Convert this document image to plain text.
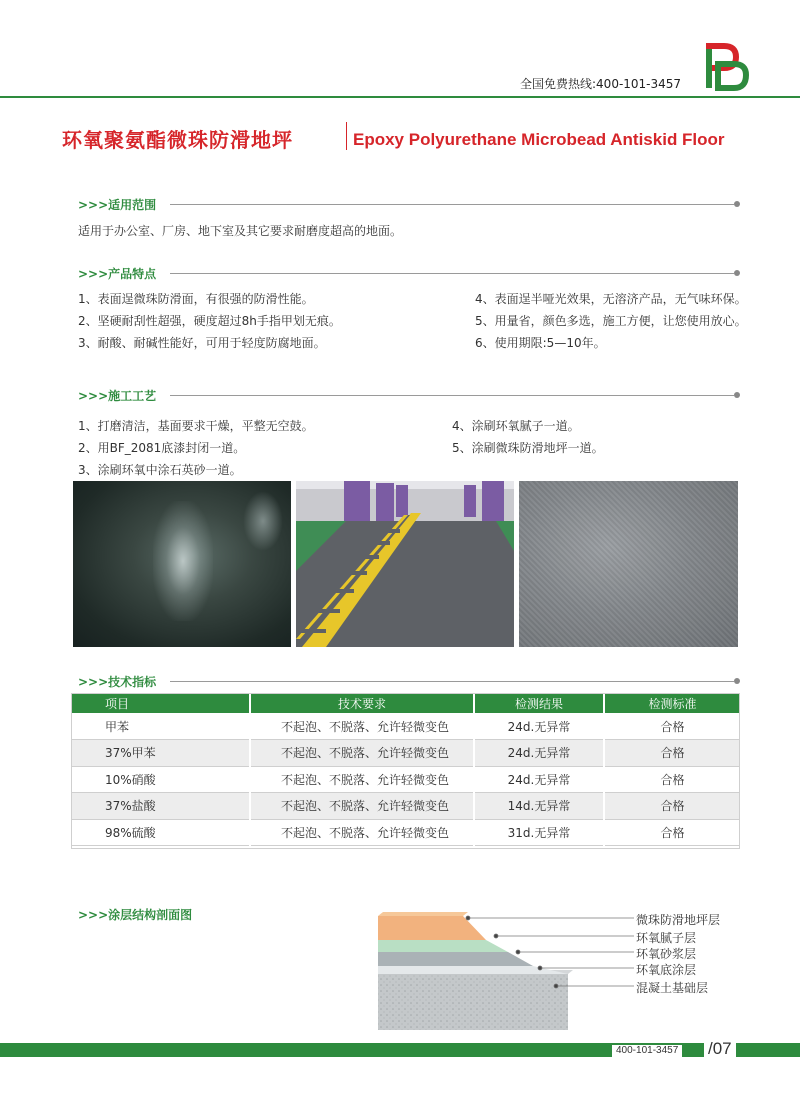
全国免费热线:400-101-3457
环氧聚氨酯微珠防滑地坪	Epoxy Polyurethane Microbead Antiskid Floor
>>>适用范围
适用于办公室、厂房、地下室及其它要求耐磨度超高的地面。
>>>产品特点
1、表面逞微珠防滑面，有很强的防滑性能。
2、坚硬耐刮性超强，硬度超过8h手指甲划无痕。
3、耐酸、耐碱性能好，可用于轻度防腐地面。
4、表面逞半哑光效果，无溶济产品，无气味环保。
5、用量省，颜色多选，施工方便，让您使用放心。
6、使用期限:5—10年。
>>>施工工艺
1、打磨清洁，基面要求干燥，平整无空鼓。
2、用BF_2081底漆封闭一道。
3、涂刷环氧中涂石英砂一道。
4、涂刷环氧腻子一道。
5、涂刷微珠防滑地坪一道。
>>>技术指标
项目	技术要求	检测结果	检测标准
甲苯	不起泡、不脱落、允许轻微变色	24d.无异常	合格
37%甲苯	不起泡、不脱落、允许轻微变色	24d.无异常	合格
10%硝酸	不起泡、不脱落、允许轻微变色	24d.无异常	合格
37%盐酸	不起泡、不脱落、允许轻微变色	14d.无异常	合格
98%硫酸	不起泡、不脱落、允许轻微变色	31d.无异常	合格
>>>涂层结构剖面图	微珠防滑地坪层
环氧腻子层
环氧砂浆层
环氧底涂层
混凝土基础层
400-101-3457 /07
